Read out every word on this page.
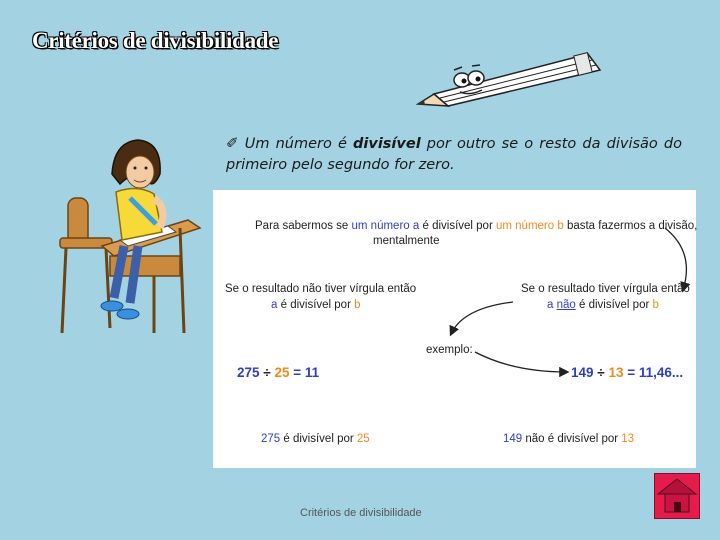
Critérios de divisibilidade
✐ Um número é divisível por outro se o resto da divisão do primeiro pelo segundo for zero.
Para sabermos se um número a é divisível por um número b basta fazermos a divisão,
mentalmente
Se o resultado não tiver vírgula então
a é divisível por b
Se o resultado tiver vírgula então
a não é divisível por b
exemplo:
275 ÷ 25 = 11	149 ÷ 13 = 11,46...
275 é divisível por 25	149 não é divisível por 13
Critérios de divisibilidade
